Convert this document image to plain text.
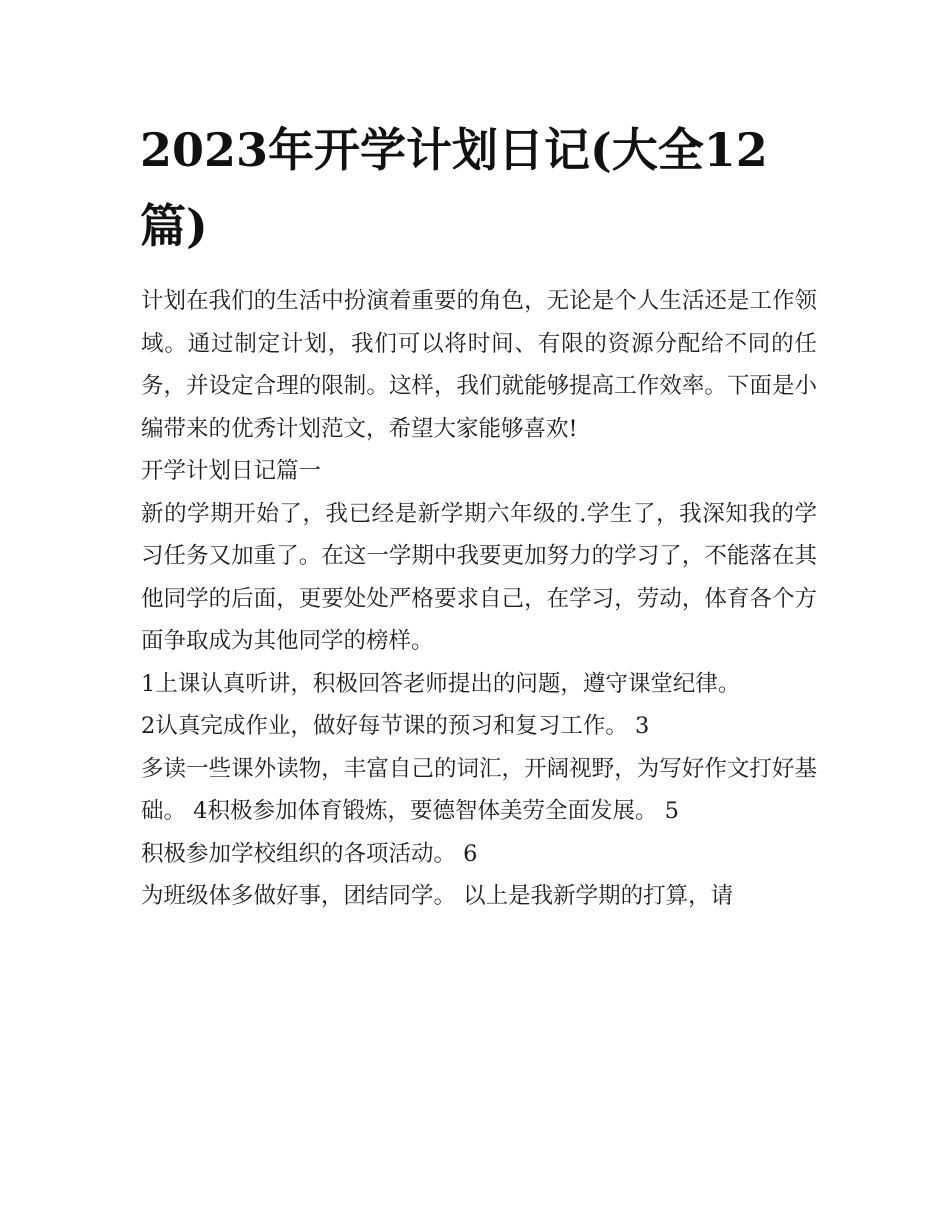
2023年开学计划日记(大全12篇)

计划在我们的生活中扮演着重要的角色，无论是个人生活还是工作领域。通过制定计划，我们可以将时间、有限的资源分配给不同的任务，并设定合理的限制。这样，我们就能够提高工作效率。下面是小编带来的优秀计划范文，希望大家能够喜欢!

开学计划日记篇一

新的学期开始了，我已经是新学期六年级的.学生了，我深知我的学习任务又加重了。在这一学期中我要更加努力的学习了，不能落在其他同学的后面，更要处处严格要求自己，在学习，劳动，体育各个方面争取成为其他同学的榜样。

1上课认真听讲，积极回答老师提出的问题，遵守课堂纪律。

2认真完成作业，做好每节课的预习和复习工作。 3

多读一些课外读物，丰富自己的词汇，开阔视野，为写好作文打好基础。 4积极参加体育锻炼，要德智体美劳全面发展。 5

积极参加学校组织的各项活动。 6

为班级体多做好事，团结同学。 以上是我新学期的打算，请
